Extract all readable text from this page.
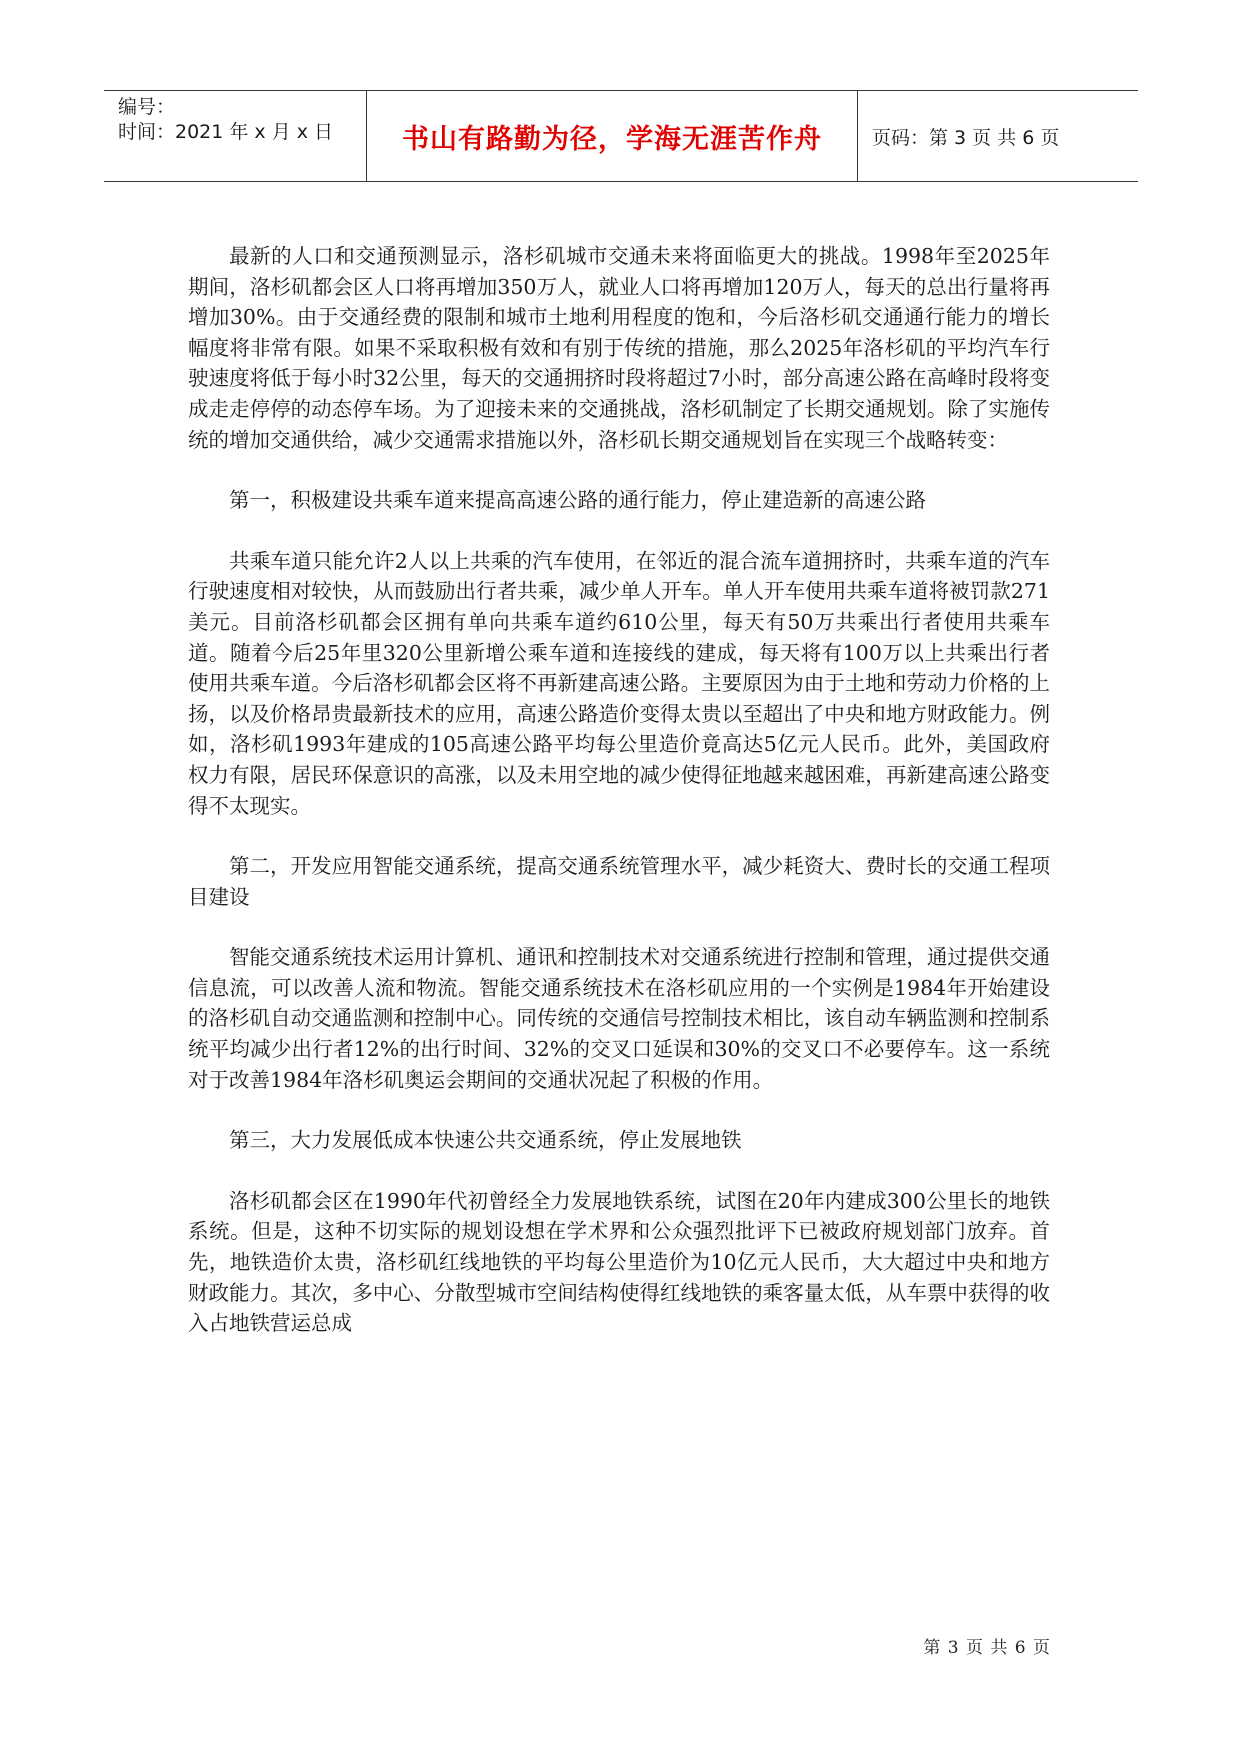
编号：
时间：2021 年 x 月 x 日	书山有路勤为径，学海无涯苦作舟	页码：第 3 页 共 6 页

最新的人口和交通预测显示，洛杉矶城市交通未来将面临更大的挑战。1998年至2025年期间，洛杉矶都会区人口将再增加350万人，就业人口将再增加120万人，每天的总出行量将再增加30%。由于交通经费的限制和城市土地利用程度的饱和，今后洛杉矶交通通行能力的增长幅度将非常有限。如果不采取积极有效和有别于传统的措施，那么2025年洛杉矶的平均汽车行驶速度将低于每小时32公里，每天的交通拥挤时段将超过7小时，部分高速公路在高峰时段将变成走走停停的动态停车场。为了迎接未来的交通挑战，洛杉矶制定了长期交通规划。除了实施传统的增加交通供给，减少交通需求措施以外，洛杉矶长期交通规划旨在实现三个战略转变：

第一，积极建设共乘车道来提高高速公路的通行能力，停止建造新的高速公路

共乘车道只能允许2人以上共乘的汽车使用，在邻近的混合流车道拥挤时，共乘车道的汽车行驶速度相对较快，从而鼓励出行者共乘，减少单人开车。单人开车使用共乘车道将被罚款271美元。目前洛杉矶都会区拥有单向共乘车道约610公里，每天有50万共乘出行者使用共乘车道。随着今后25年里320公里新增公乘车道和连接线的建成，每天将有100万以上共乘出行者使用共乘车道。今后洛杉矶都会区将不再新建高速公路。主要原因为由于土地和劳动力价格的上扬，以及价格昂贵最新技术的应用，高速公路造价变得太贵以至超出了中央和地方财政能力。例如，洛杉矶1993年建成的105高速公路平均每公里造价竟高达5亿元人民币。此外，美国政府权力有限，居民环保意识的高涨，以及未用空地的减少使得征地越来越困难，再新建高速公路变得不太现实。

第二，开发应用智能交通系统，提高交通系统管理水平，减少耗资大、费时长的交通工程项目建设

智能交通系统技术运用计算机、通讯和控制技术对交通系统进行控制和管理，通过提供交通信息流，可以改善人流和物流。智能交通系统技术在洛杉矶应用的一个实例是1984年开始建设的洛杉矶自动交通监测和控制中心。同传统的交通信号控制技术相比，该自动车辆监测和控制系统平均减少出行者12%的出行时间、32%的交叉口延误和30%的交叉口不必要停车。这一系统对于改善1984年洛杉矶奥运会期间的交通状况起了积极的作用。

第三，大力发展低成本快速公共交通系统，停止发展地铁

洛杉矶都会区在1990年代初曾经全力发展地铁系统，试图在20年内建成300公里长的地铁系统。但是，这种不切实际的规划设想在学术界和公众强烈批评下已被政府规划部门放弃。首先，地铁造价太贵，洛杉矶红线地铁的平均每公里造价为10亿元人民币，大大超过中央和地方财政能力。其次，多中心、分散型城市空间结构使得红线地铁的乘客量太低，从车票中获得的收入占地铁营运总成

第 3 页 共 6 页
